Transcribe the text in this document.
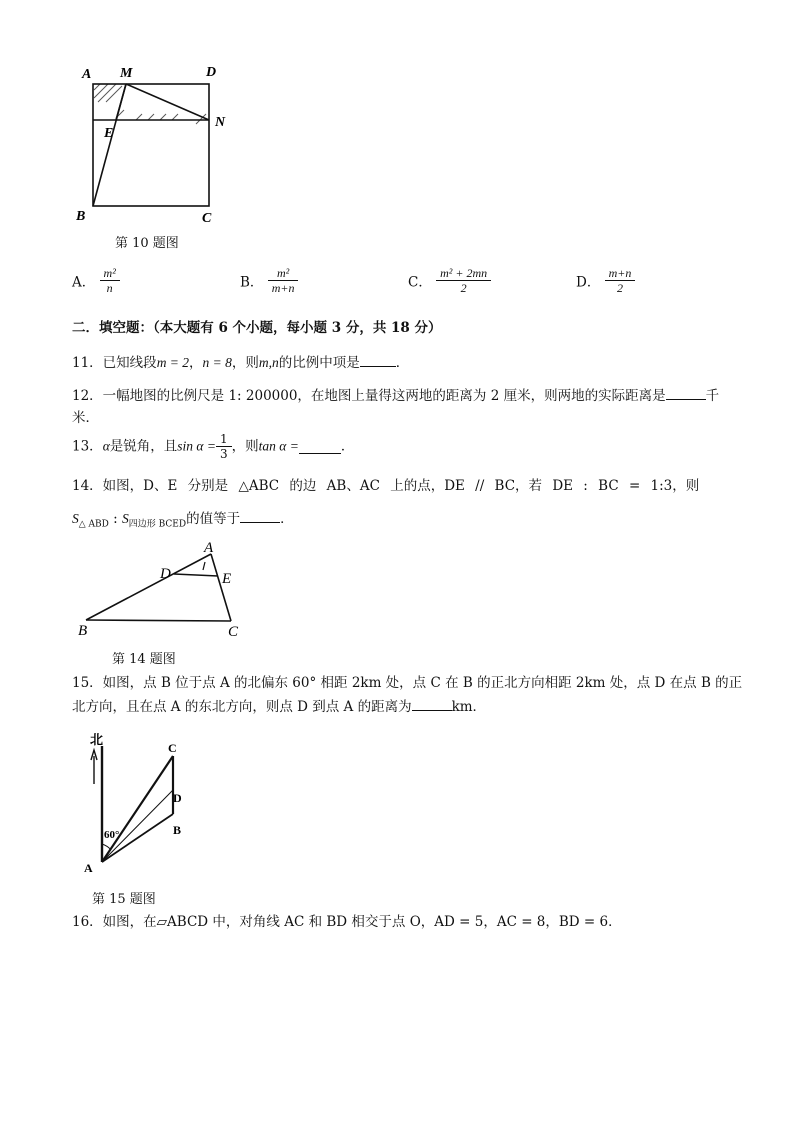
A M	D
E
N
B	C
第 10 题图
A． $\frac{\text{m²}}{n}$	B． $\frac{\text{m²}}{m+n}$	C． $\frac{\text{m² + 2mn}}{2}$	D． $\frac{m+n}{2}$
二．填空题：（本大题有 6 个小题，每小题 3 分，共 18 分）
11．已知线段m = 2，n = 8，则m,n的比例中项是	．
12．一幅地图的比例尺是 1: 200000，在地图上量得这两地的距离为 2 厘米，则两地的实际距离是	千
米．
13．α是锐角，且$\sin \alpha = \frac{1}{3}$ ，则tan α =	．
14．如图，D、E 分别是 △ABC 的边 AB、AC 上的点，DE // BC，若 DE : BC = 1:3，则
$S_{\triangle ABD}$ : $S_{四边形 BCED}$的值等于	．
A
D	E
B	C
第 14 题图
15．如图，点 B 位于点 A 的北偏东 60° 相距 2km 处，点 C 在 B 的正北方向相距 2km 处，点 D 在点 B 的正
北方向，且在点 A 的东北方向，则点 D 到点 A 的距离为	km．
北
C
D
B
A
60°
第 15 题图
16．如图，在▱ABCD 中，对角线 AC 和 BD 相交于点 O，AD = 5，AC = 8，BD = 6．
